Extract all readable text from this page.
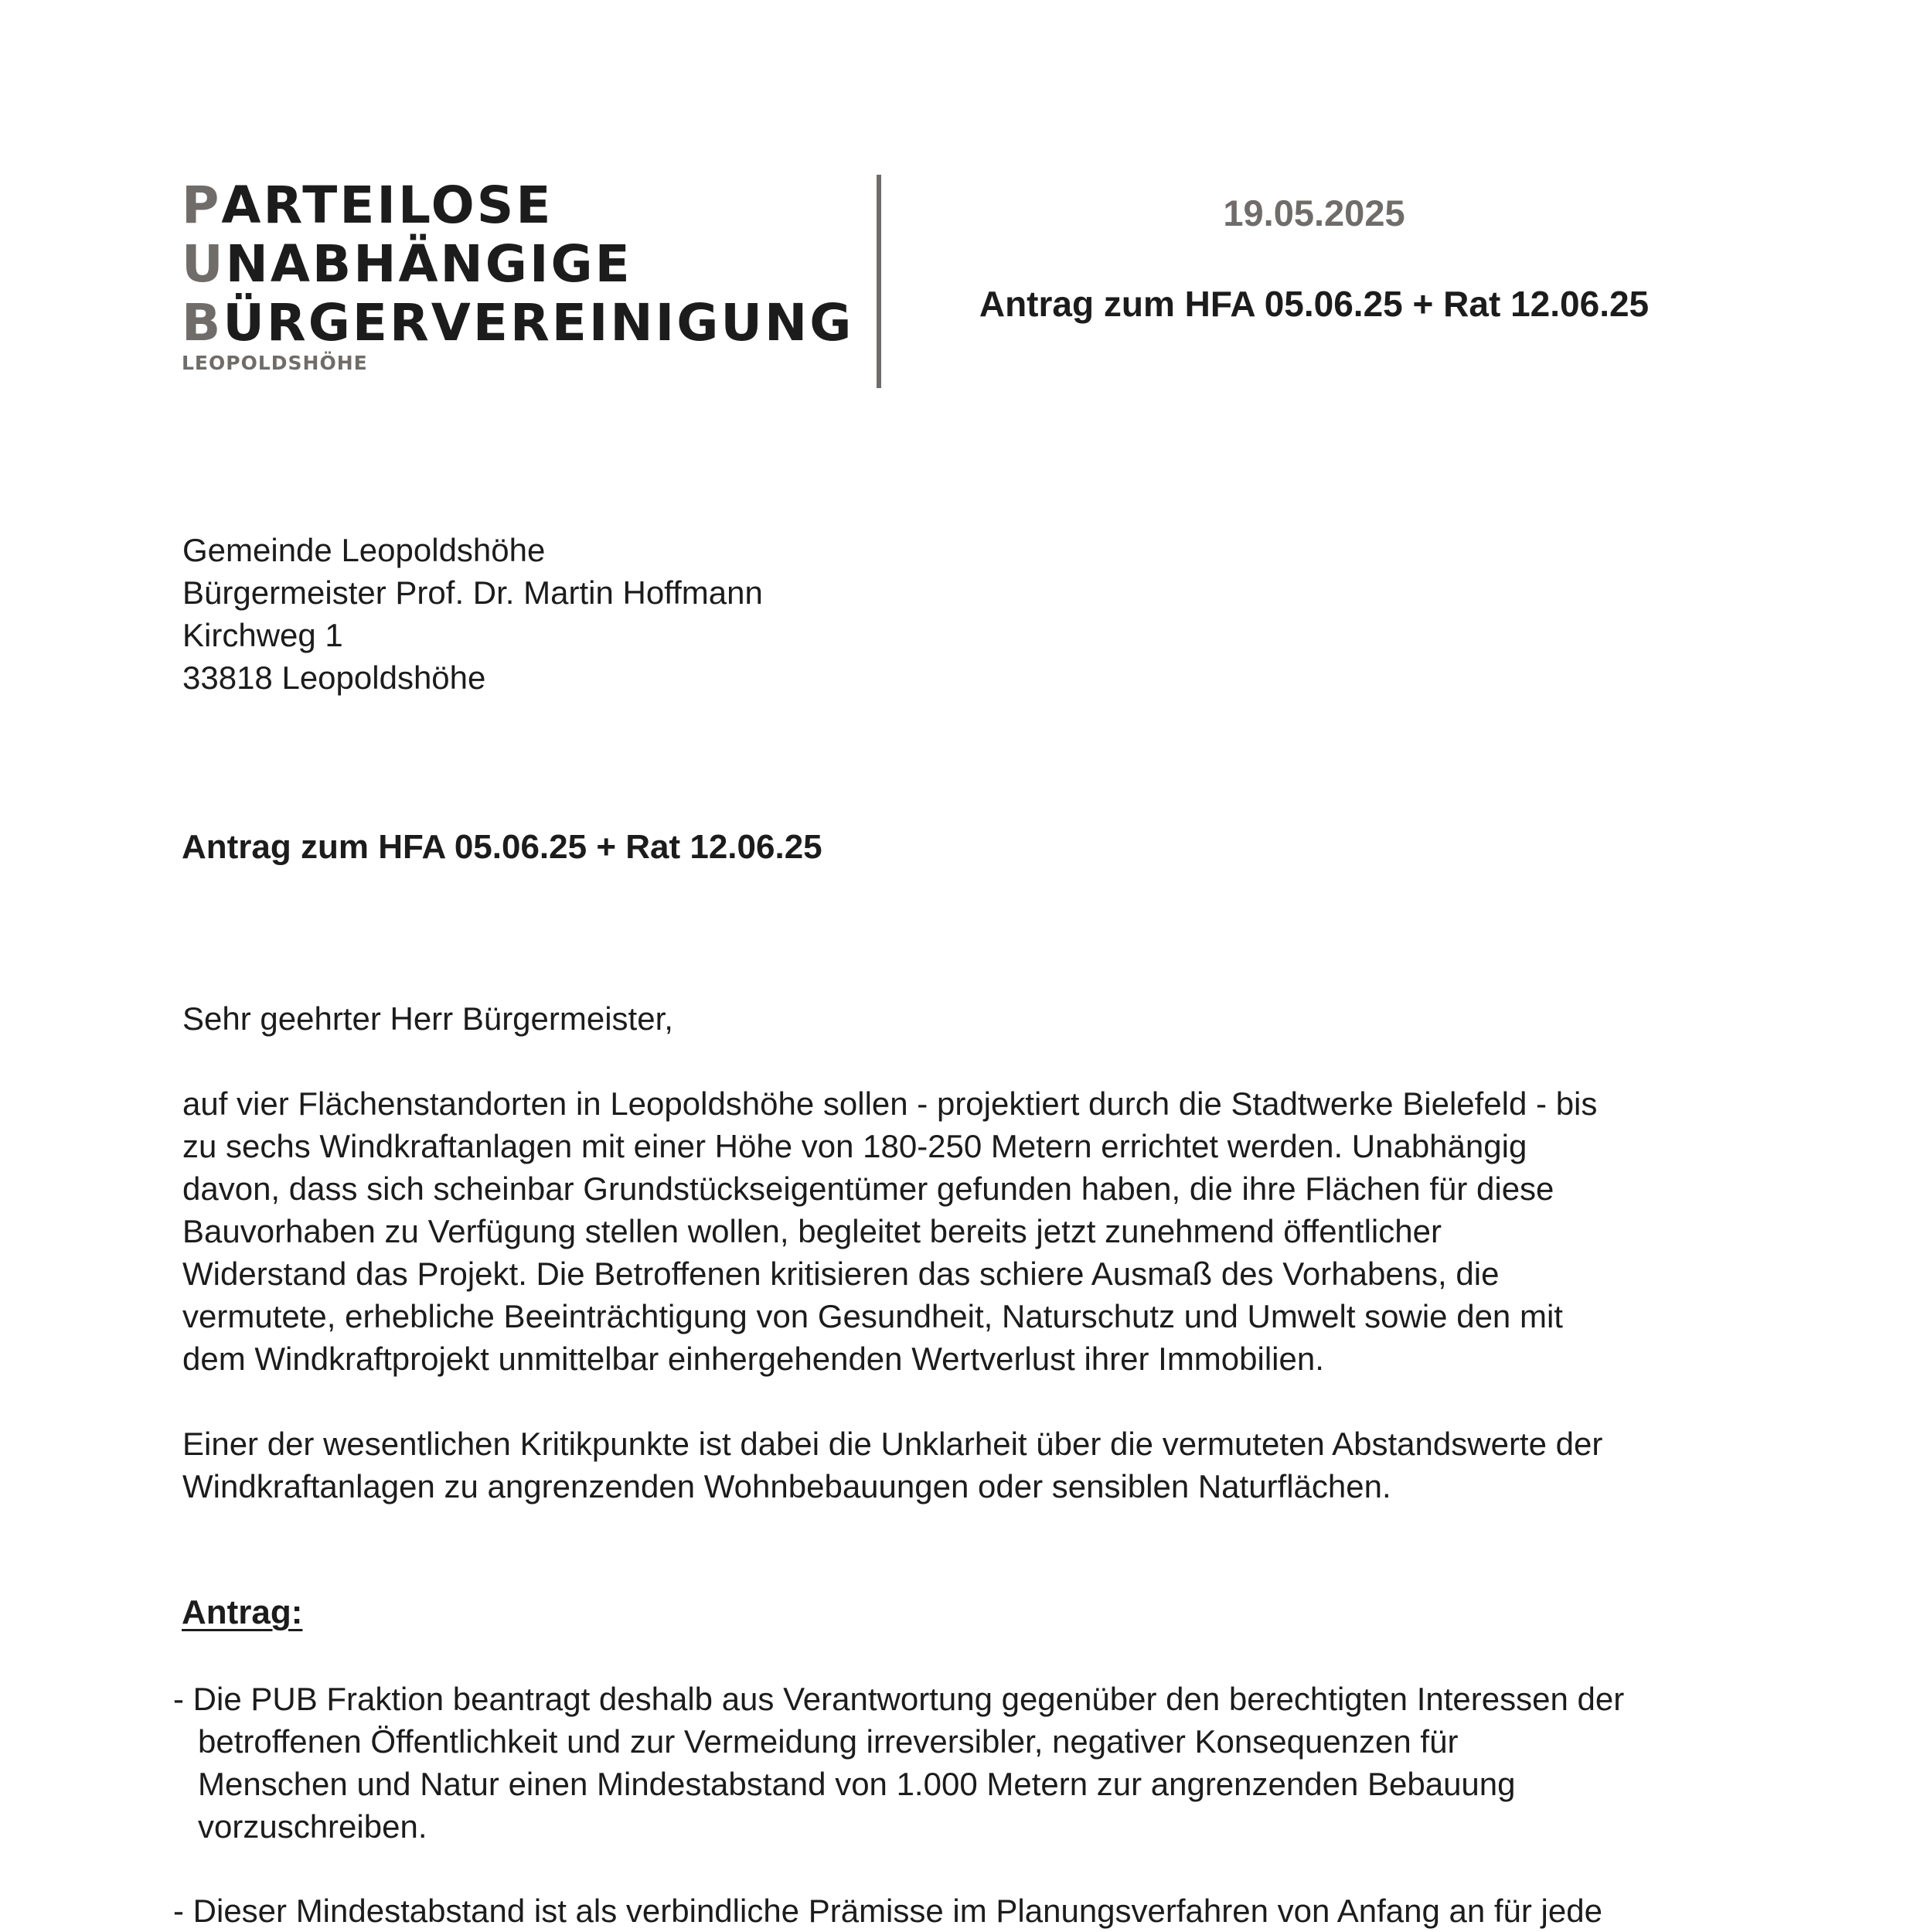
P ARTEILOSE
U NABHÄNGIGE
B ÜRGERVEREINIGUNG
LEOPOLDSHÖHE
19.05.2025
Antrag zum HFA 05.06.25 + Rat 12.06.25
Gemeinde Leopoldshöhe
Bürgermeister Prof. Dr. Martin Hoffmann
Kirchweg 1
33818 Leopoldshöhe
Antrag zum HFA 05.06.25 + Rat 12.06.25
Sehr geehrter Herr Bürgermeister,
auf vier Flächenstandorten in Leopoldshöhe sollen - projektiert durch die Stadtwerke Bielefeld - bis
zu sechs Windkraftanlagen mit einer Höhe von 180-250 Metern errichtet werden. Unabhängig
davon, dass sich scheinbar Grundstückseigentümer gefunden haben, die ihre Flächen für diese
Bauvorhaben zu Verfügung stellen wollen, begleitet bereits jetzt zunehmend öffentlicher
Widerstand das Projekt. Die Betroffenen kritisieren das schiere Ausmaß des Vorhabens, die
vermutete, erhebliche Beeinträchtigung von Gesundheit, Naturschutz und Umwelt sowie den mit
dem Windkraftprojekt unmittelbar einhergehenden Wertverlust ihrer Immobilien.
Einer der wesentlichen Kritikpunkte ist dabei die Unklarheit über die vermuteten Abstandswerte der
Windkraftanlagen zu angrenzenden Wohnbebauungen oder sensiblen Naturflächen.
Antrag:
- Die PUB Fraktion beantragt deshalb aus Verantwortung gegenüber den berechtigten Interessen der
betroffenen Öffentlichkeit und zur Vermeidung irreversibler, negativer Konsequenzen für
Menschen und Natur einen Mindestabstand von 1.000 Metern zur angrenzenden Bebauung
vorzuschreiben.
- Dieser Mindestabstand ist als verbindliche Prämisse im Planungsverfahren von Anfang an für jede
